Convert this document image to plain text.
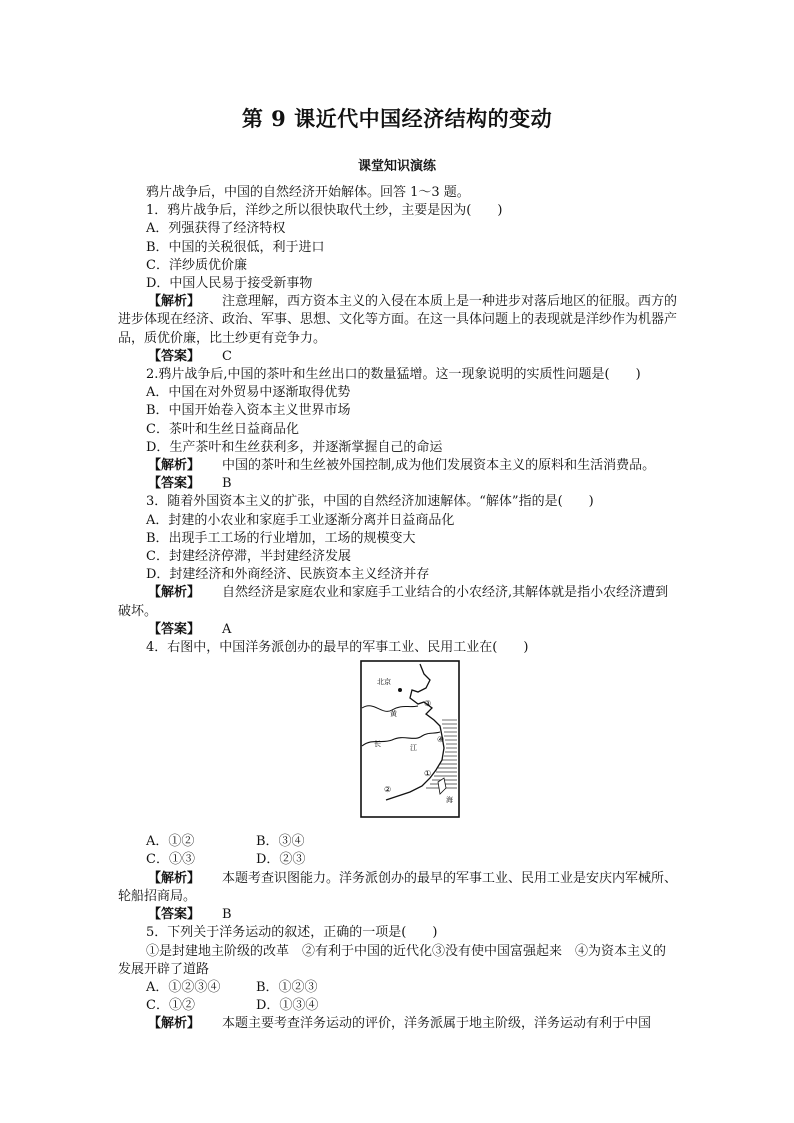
第 9 课近代中国经济结构的变动
课堂知识演练
鸦片战争后，中国的自然经济开始解体。回答 1～3 题。
1．鸦片战争后，洋纱之所以很快取代土纱，主要是因为(　　)
A．列强获得了经济特权
B．中国的关税很低，利于进口
C．洋纱质优价廉
D．中国人民易于接受新事物
【解析】 注意理解，西方资本主义的入侵在本质上是一种进步对落后地区的征服。西方的进步体现在经济、政治、军事、思想、文化等方面。在这一具体问题上的表现就是洋纱作为机器产品，质优价廉，比土纱更有竞争力。
【答案】 C
2.鸦片战争后,中国的茶叶和生丝出口的数量猛增。这一现象说明的实质性问题是(　　)
A．中国在对外贸易中逐渐取得优势
B．中国开始卷入资本主义世界市场
C．茶叶和生丝日益商品化
D．生产茶叶和生丝获利多，并逐渐掌握自己的命运
【解析】 中国的茶叶和生丝被外国控制,成为他们发展资本主义的原料和生活消费品。
【答案】 B
3．随着外国资本主义的扩张，中国的自然经济加速解体。“解体”指的是(　　)
A．封建的小农业和家庭手工业逐渐分离并日益商品化
B．出现手工工场的行业增加，工场的规模变大
C．封建经济停滞，半封建经济发展
D．封建经济和外商经济、民族资本主义经济并存
【解析】 自然经济是家庭农业和家庭手工业结合的小农经济,其解体就是指小农经济遭到破坏。
【答案】 A
4．右图中，中国洋务派创办的最早的军事工业、民用工业在(　　)
北京
黄
长	江
海
①
②
③
④
A．①②	B．③④
C．①③	D．②③
【解析】 本题考查识图能力。洋务派创办的最早的军事工业、民用工业是安庆内军械所、轮船招商局。
【答案】 B
5．下列关于洋务运动的叙述，正确的一项是(　　)
①是封建地主阶级的改革　②有利于中国的近代化③没有使中国富强起来　④为资本主义的发展开辟了道路
A．①②③④	B．①②③
C．①②	D．①③④
【解析】 本题主要考查洋务运动的评价，洋务派属于地主阶级，洋务运动有利于中国
